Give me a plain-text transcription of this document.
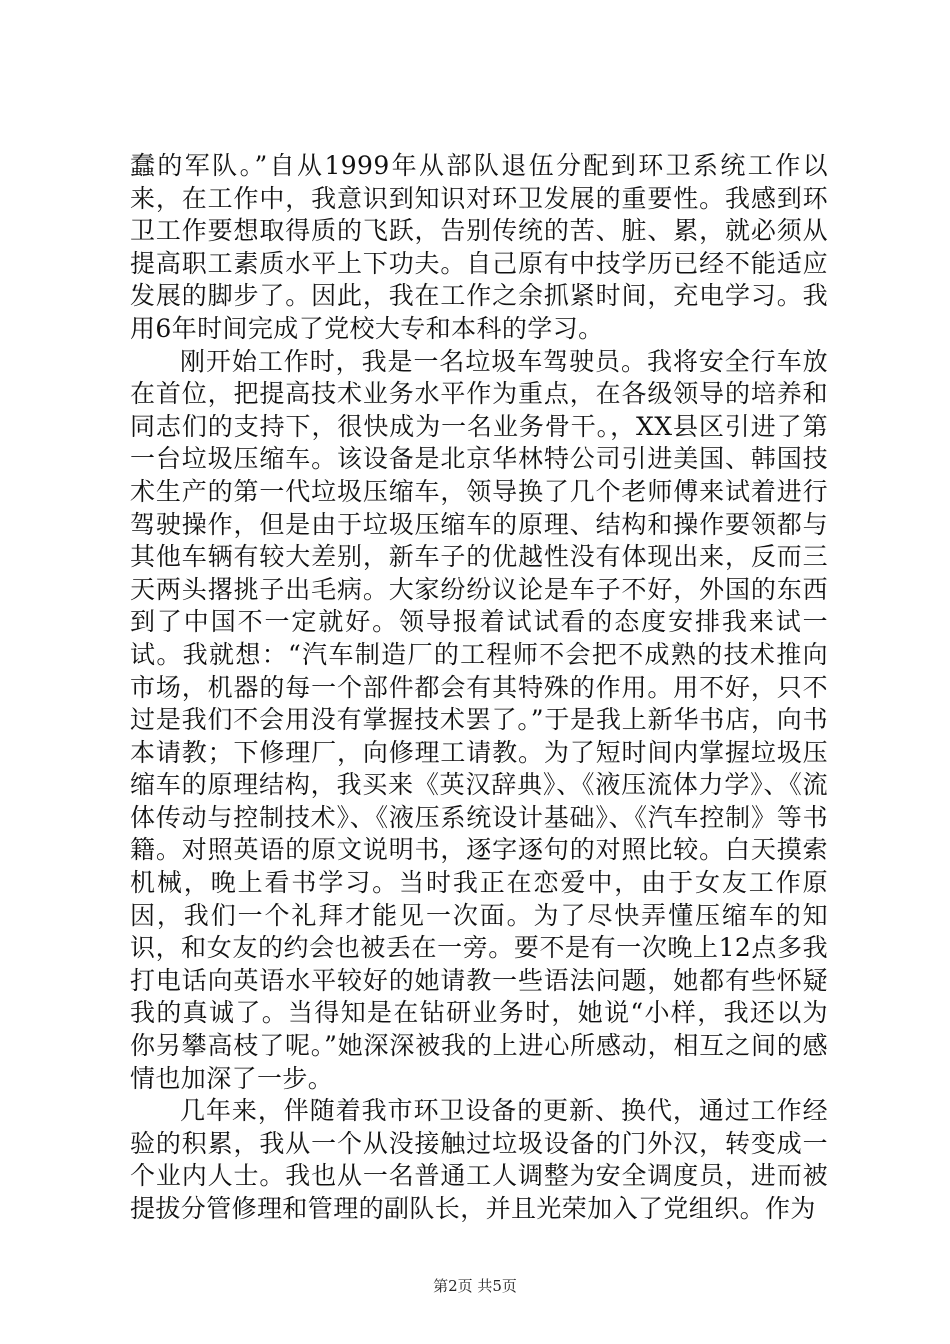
蠢的军队。”自从1999年从部队退伍分配到环卫系统工作以来，在工作中，我意识到知识对环卫发展的重要性。我感到环卫工作要想取得质的飞跃，告别传统的苦、脏、累，就必须从提高职工素质水平上下功夫。自己原有中技学历已经不能适应发展的脚步了。因此，我在工作之余抓紧时间，充电学习。我用6年时间完成了党校大专和本科的学习。

刚开始工作时，我是一名垃圾车驾驶员。我将安全行车放在首位，把提高技术业务水平作为重点，在各级领导的培养和同志们的支持下，很快成为一名业务骨干。，XX县区引进了第一台垃圾压缩车。该设备是北京华林特公司引进美国、韩国技术生产的第一代垃圾压缩车，领导换了几个老师傅来试着进行驾驶操作，但是由于垃圾压缩车的原理、结构和操作要领都与其他车辆有较大差别，新车子的优越性没有体现出来，反而三天两头撂挑子出毛病。大家纷纷议论是车子不好，外国的东西到了中国不一定就好。领导报着试试看的态度安排我来试一试。我就想：“汽车制造厂的工程师不会把不成熟的技术推向市场，机器的每一个部件都会有其特殊的作用。用不好，只不过是我们不会用没有掌握技术罢了。”于是我上新华书店，向书本请教；下修理厂，向修理工请教。为了短时间内掌握垃圾压缩车的原理结构，我买来《英汉辞典》、《液压流体力学》、《流体传动与控制技术》、《液压系统设计基础》、《汽车控制》等书籍。对照英语的原文说明书，逐字逐句的对照比较。白天摸索机械，晚上看书学习。当时我正在恋爱中，由于女友工作原因，我们一个礼拜才能见一次面。为了尽快弄懂压缩车的知识，和女友的约会也被丢在一旁。要不是有一次晚上12点多我打电话向英语水平较好的她请教一些语法问题，她都有些怀疑我的真诚了。当得知是在钻研业务时，她说“小样，我还以为你另攀高枝了呢。”她深深被我的上进心所感动，相互之间的感情也加深了一步。

几年来，伴随着我市环卫设备的更新、换代，通过工作经验的积累，我从一个从没接触过垃圾设备的门外汉，转变成一个业内人士。我也从一名普通工人调整为安全调度员，进而被提拔分管修理和管理的副队长，并且光荣加入了党组织。作为

第2页 共5页
